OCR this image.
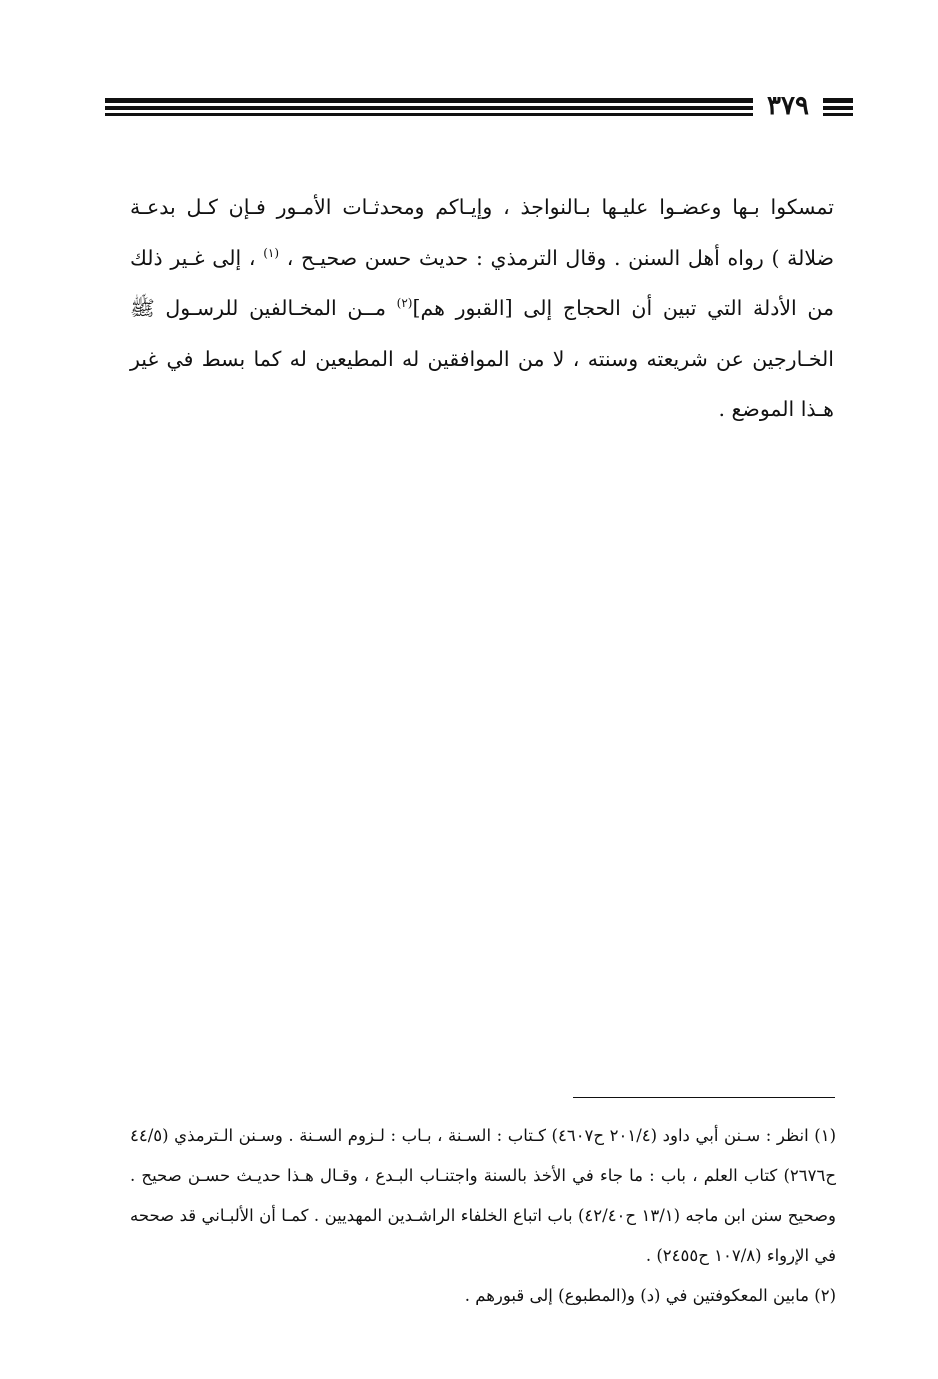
٣٧٩

تمسكوا بـها وعضـوا عليـها بـالنواجذ ، وإيـاكم ومحدثـات الأمـور فـإن كـل بدعـة ضلالة ) رواه أهل السنن . وقال الترمذي : حديث حسن صحيـح ، $^{(١)}$ ، إلى غـير ذلك من الأدلة التي تبين أن الحجاج إلى [القبور هم]$^{(٢)}$ مــن المخـالفين للرسـول ﷺ الخـارجين عن شريعته وسنته ، لا من الموافقين له المطيعين له كما بسط في غير هـذا الموضع .

(١) انظر : سـنن أبي داود (٢٠١/٤ ح٤٦٠٧) كـتاب : السـنة ، بـاب : لـزوم السـنة . وسـنن الـترمذي (٤٤/٥ ح٢٦٧٦) كتاب العلم ، باب : ما جاء في الأخذ بالسنة واجتنـاب البـدع ، وقـال هـذا حديـث حسـن صحيح . وصحيح سنن ابن ماجه (١٣/١ ح٤٢/٤٠) باب اتباع الخلفاء الراشـدين المهديين . كمـا أن الألبـاني قد صححه في الإرواء (١٠٧/٨ ح٢٤٥٥) .

(٢) مابين المعكوفتين في (د) و(المطبوع) إلى قبورهم .
